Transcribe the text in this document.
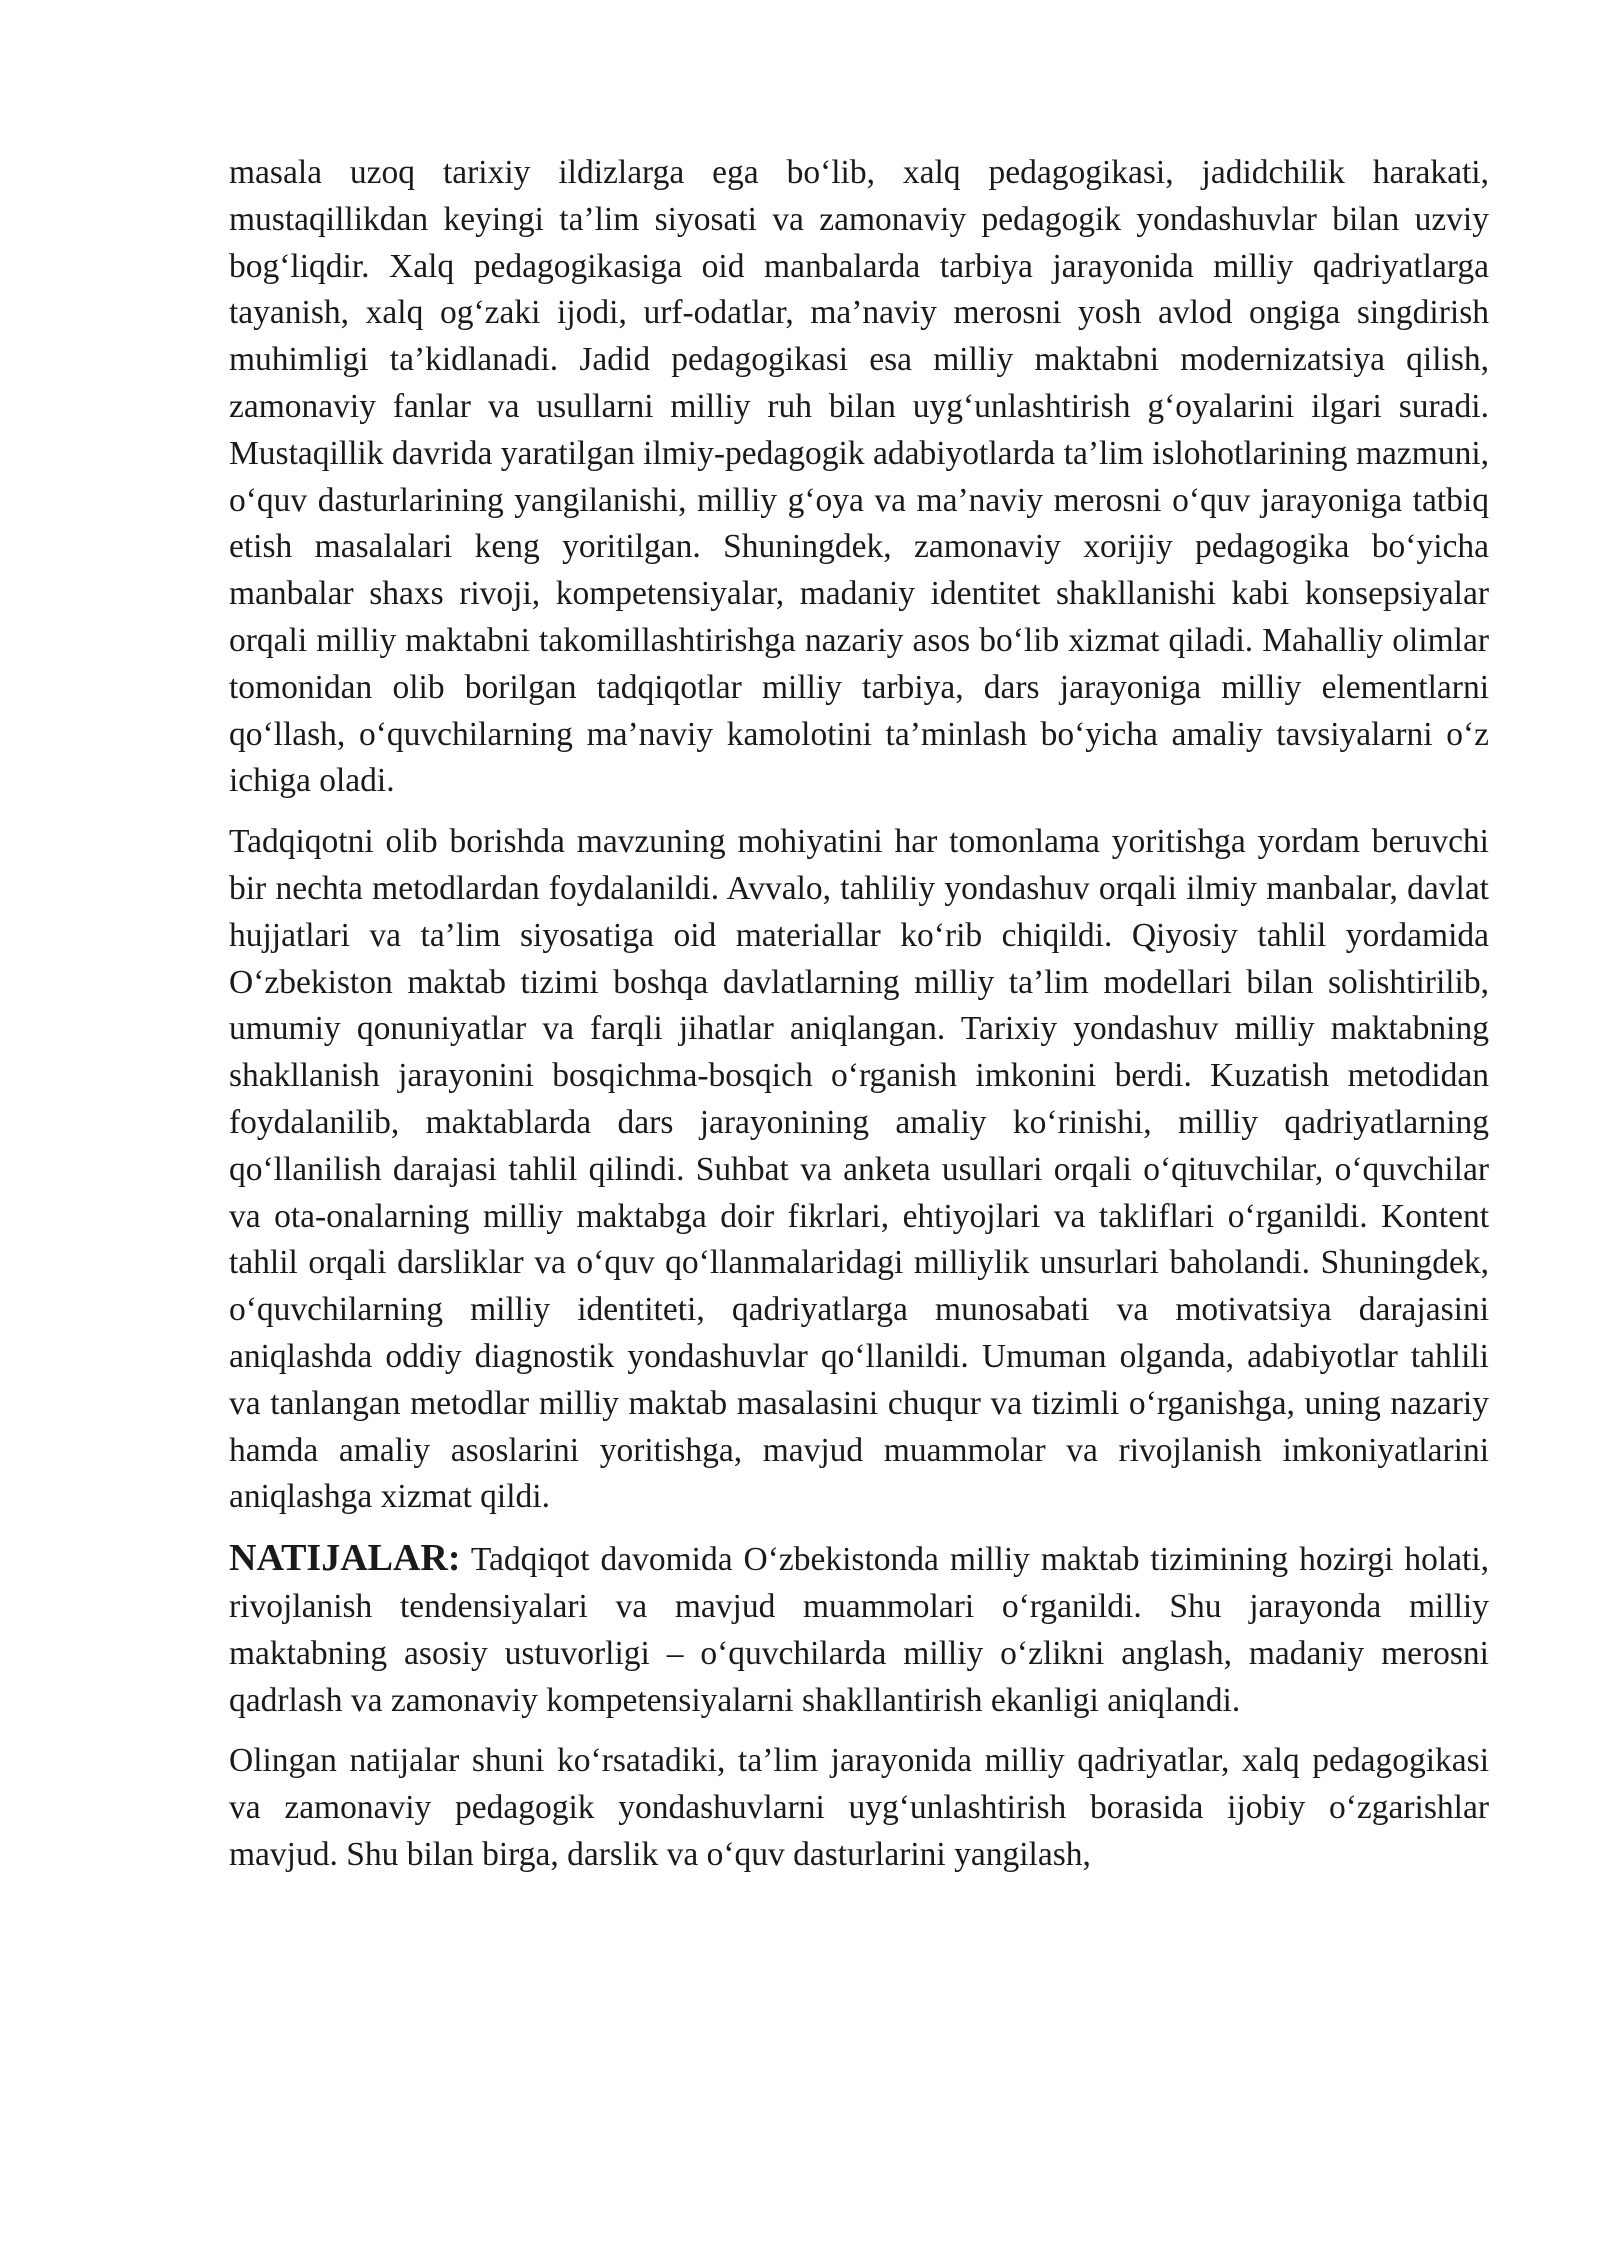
masala uzoq tarixiy ildizlarga ega bo‘lib, xalq pedagogikasi, jadidchilik harakati, mustaqillikdan keyingi ta’lim siyosati va zamonaviy pedagogik yondashuvlar bilan uzviy bog‘liqdir. Xalq pedagogikasiga oid manbalarda tarbiya jarayonida milliy qadriyatlarga tayanish, xalq og‘zaki ijodi, urf-odatlar, ma’naviy merosni yosh avlod ongiga singdirish muhimligi ta’kidlanadi. Jadid pedagogikasi esa milliy maktabni modernizatsiya qilish, zamonaviy fanlar va usullarni milliy ruh bilan uyg‘unlashtirish g‘oyalarini ilgari suradi. Mustaqillik davrida yaratilgan ilmiy-pedagogik adabiyotlarda ta’lim islohotlarining mazmuni, o‘quv dasturlarining yangilanishi, milliy g‘oya va ma’naviy merosni o‘quv jarayoniga tatbiq etish masalalari keng yoritilgan. Shuningdek, zamonaviy xorijiy pedagogika bo‘yicha manbalar shaxs rivoji, kompetensiyalar, madaniy identitet shakllanishi kabi konsepsiyalar orqali milliy maktabni takomillashtirishga nazariy asos bo‘lib xizmat qiladi. Mahalliy olimlar tomonidan olib borilgan tadqiqotlar milliy tarbiya, dars jarayoniga milliy elementlarni qo‘llash, o‘quvchilarning ma’naviy kamolotini ta’minlash bo‘yicha amaliy tavsiyalarni o‘z ichiga oladi.

Tadqiqotni olib borishda mavzuning mohiyatini har tomonlama yoritishga yordam beruvchi bir nechta metodlardan foydalanildi. Avvalo, tahliliy yondashuv orqali ilmiy manbalar, davlat hujjatlari va ta’lim siyosatiga oid materiallar ko‘rib chiqildi. Qiyosiy tahlil yordamida O‘zbekiston maktab tizimi boshqa davlatlarning milliy ta’lim modellari bilan solishtirilib, umumiy qonuniyatlar va farqli jihatlar aniqlangan. Tarixiy yondashuv milliy maktabning shakllanish jarayonini bosqichma-bosqich o‘rganish imkonini berdi. Kuzatish metodidan foydalanilib, maktablarda dars jarayonining amaliy ko‘rinishi, milliy qadriyatlarning qo‘llanilish darajasi tahlil qilindi. Suhbat va anketa usullari orqali o‘qituvchilar, o‘quvchilar va ota-onalarning milliy maktabga doir fikrlari, ehtiyojlari va takliflari o‘rganildi. Kontent tahlil orqali darsliklar va o‘quv qo‘llanmalaridagi milliylik unsurlari baholandi. Shuningdek, o‘quvchilarning milliy identiteti, qadriyatlarga munosabati va motivatsiya darajasini aniqlashda oddiy diagnostik yondashuvlar qo‘llanildi. Umuman olganda, adabiyotlar tahlili va tanlangan metodlar milliy maktab masalasini chuqur va tizimli o‘rganishga, uning nazariy hamda amaliy asoslarini yoritishga, mavjud muammolar va rivojlanish imkoniyatlarini aniqlashga xizmat qildi.

NATIJALAR: Tadqiqot davomida O‘zbekistonda milliy maktab tizimining hozirgi holati, rivojlanish tendensiyalari va mavjud muammolari o‘rganildi. Shu jarayonda milliy maktabning asosiy ustuvorligi – o‘quvchilarda milliy o‘zlikni anglash, madaniy merosni qadrlash va zamonaviy kompetensiyalarni shakllantirish ekanligi aniqlandi.

Olingan natijalar shuni ko‘rsatadiki, ta’lim jarayonida milliy qadriyatlar, xalq pedagogikasi va zamonaviy pedagogik yondashuvlarni uyg‘unlashtirish borasida ijobiy o‘zgarishlar mavjud. Shu bilan birga, darslik va o‘quv dasturlarini yangilash,
